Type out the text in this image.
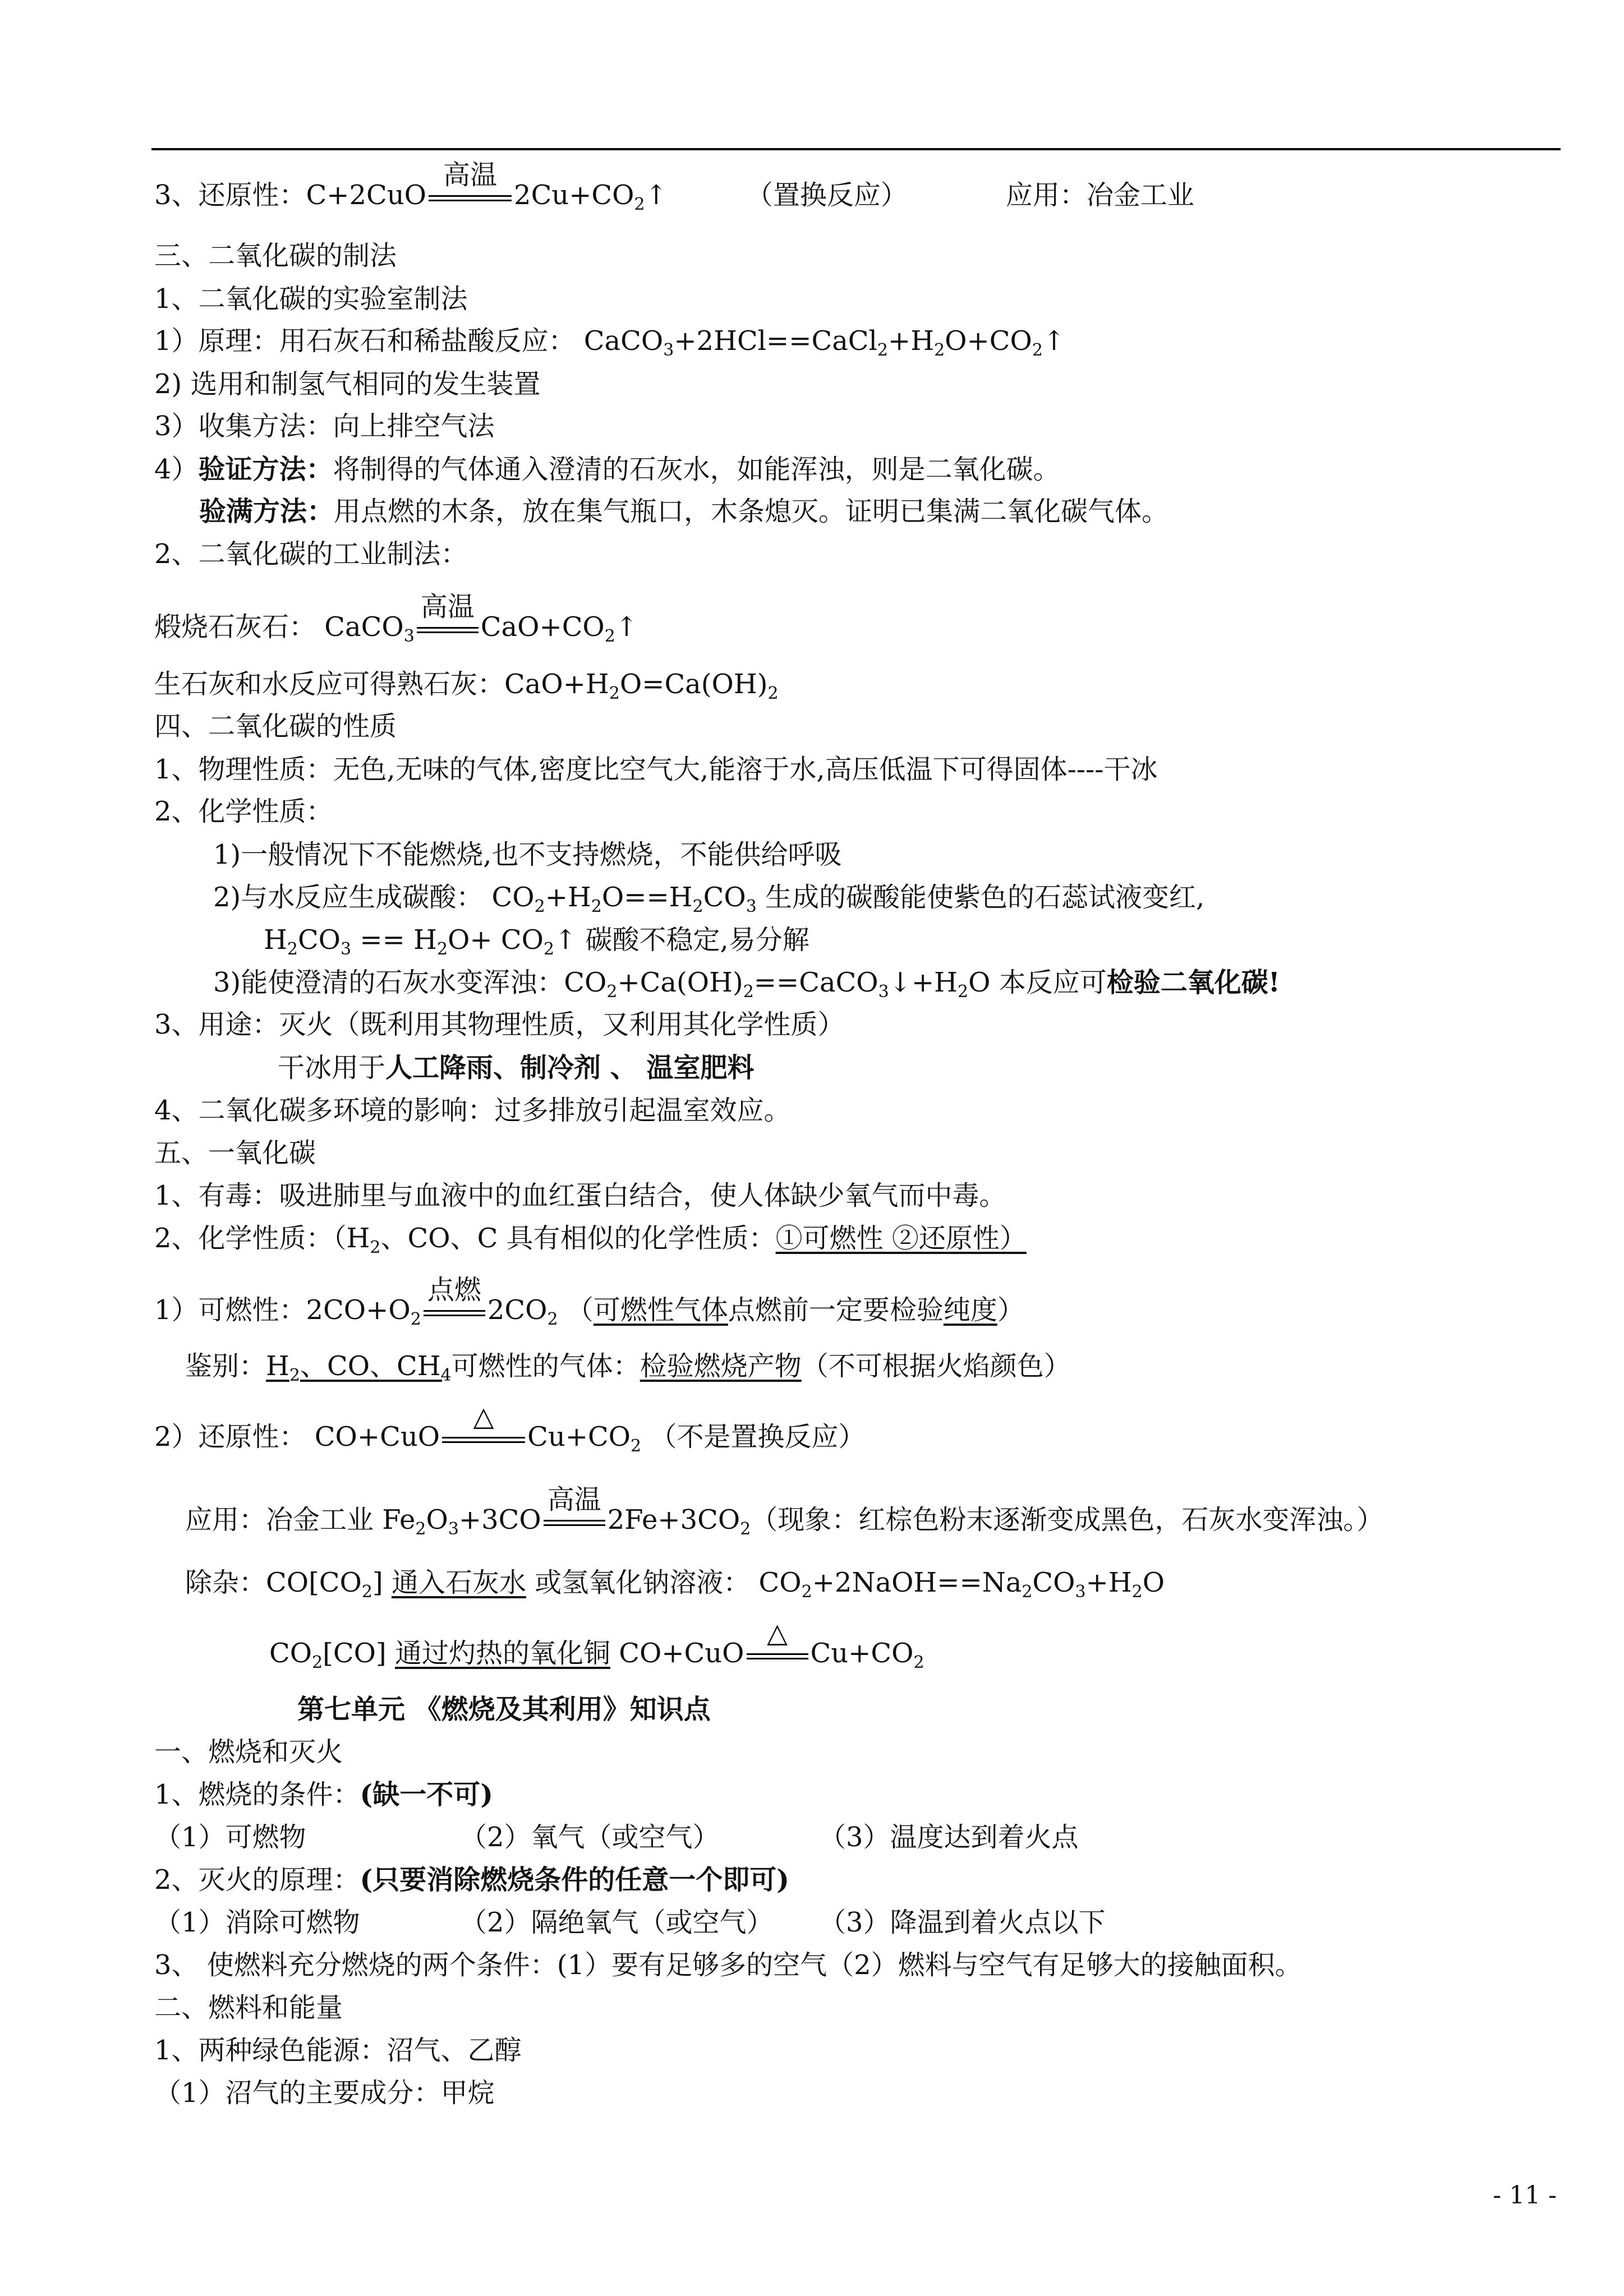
3、还原性：C+2CuO
高温
$2Cu+CO_2↑$	（置换反应）	应用：冶金工业
三、二氧化碳的制法
1、二氧化碳的实验室制法
1）原理：用石灰石和稀盐酸反应： $CaCO_3+2HCl==CaCl_2+H_2O+CO_2↑$
2) 选用和制氢气相同的发生装置
3）收集方法：向上排空气法
4）验证方法：将制得的气体通入澄清的石灰水，如能浑浊，则是二氧化碳。
验满方法：用点燃的木条，放在集气瓶口，木条熄灭。证明已集满二氧化碳气体。
2、二氧化碳的工业制法：
煅烧石灰石： CaCO$_3$
高温
$CaO+CO_2↑$
生石灰和水反应可得熟石灰：$CaO+H_2O=Ca(OH)_2$
四、二氧化碳的性质
1、物理性质：无色,无味的气体,密度比空气大,能溶于水,高压低温下可得固体----干冰
2、化学性质：
1)一般情况下不能燃烧,也不支持燃烧，不能供给呼吸
2)与水反应生成碳酸： $CO_2+H_2O==H_2CO_3$ 生成的碳酸能使紫色的石蕊试液变红,
$H_2CO_3 == H_2O+$ $CO_2↑$ 碳酸不稳定,易分解
3)能使澄清的石灰水变浑浊：$CO_2+Ca(OH)_2==CaCO_3↓+H_2O$ 本反应可检验二氧化碳!
3、用途：灭火（既利用其物理性质，又利用其化学性质）
干冰用于人工降雨、制冷剂 、 温室肥料
4、二氧化碳多环境的影响：过多排放引起温室效应。
五、一氧化碳
1、有毒：吸进肺里与血液中的血红蛋白结合，使人体缺少氧气而中毒。
2、化学性质：（$H_2$、CO、C 具有相似的化学性质：①可燃性 ②还原性）
1）可燃性：$2CO+O_2$
点燃
$2CO_2$ （可燃性气体点燃前一定要检验纯度）
鉴别：$H_2$、CO、$CH_4$可燃性的气体：检验燃烧产物（不可根据火焰颜色）
2）还原性： CO+CuO
△
$Cu+CO_2$ （不是置换反应）
应用：冶金工业 $Fe_2O_3+3CO$
高温
$2Fe+3CO_2$（现象：红棕色粉末逐渐变成黑色，石灰水变浑浊。）
除杂：$CO[CO_2]$ 通入石灰水 或氢氧化钠溶液： $CO_2+2NaOH==Na_2CO_3+H_2O$
$CO_2[CO]$ 通过灼热的氧化铜 CO+CuO
△
$Cu+CO_2$
第七单元 《燃烧及其利用》知识点
一、燃烧和灭火
1、燃烧的条件：(缺一不可)
（1）可燃物	（2）氧气（或空气）	（3）温度达到着火点
2、灭火的原理：(只要消除燃烧条件的任意一个即可)
（1）消除可燃物	（2）隔绝氧气（或空气） （3）降温到着火点以下
3、 使燃料充分燃烧的两个条件：(1）要有足够多的空气（2）燃料与空气有足够大的接触面积。
二、燃料和能量
1、两种绿色能源：沼气、乙醇
（1）沼气的主要成分：甲烷
- 11 -
